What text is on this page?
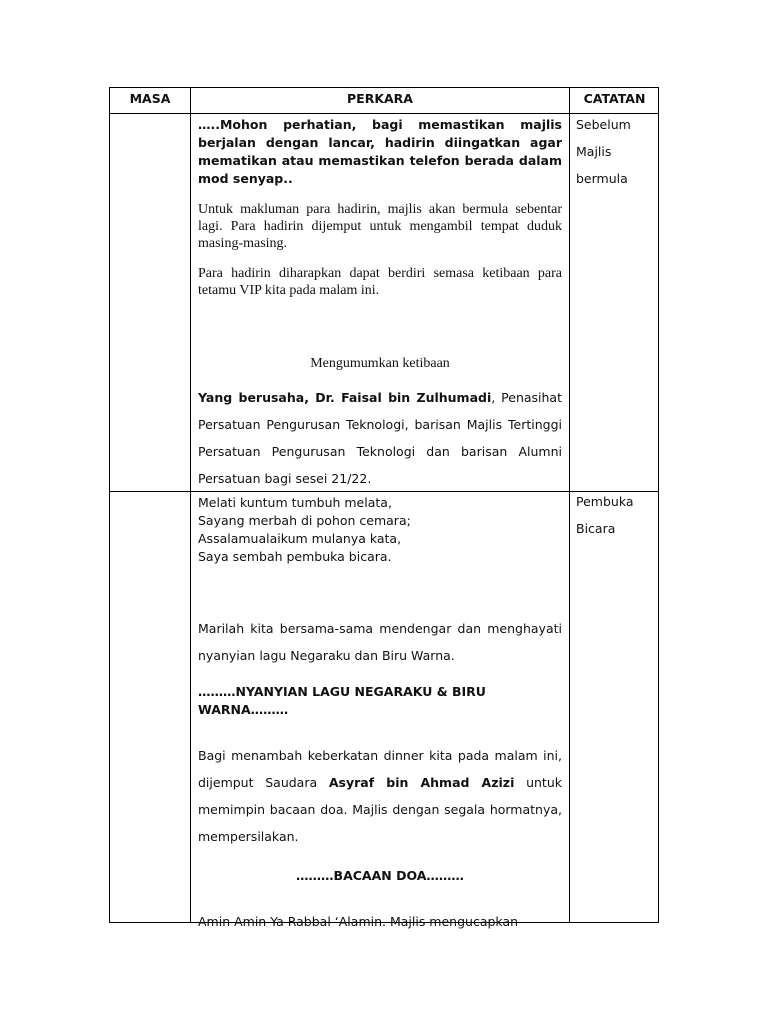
MASA	PERKARA	CATATAN

…..Mohon perhatian, bagi memastikan majlis berjalan dengan lancar, hadirin diingatkan agar mematikan atau memastikan telefon berada dalam mod senyap..

Untuk makluman para hadirin, majlis akan bermula sebentar lagi. Para hadirin dijemput untuk mengambil tempat duduk masing-masing.

Para hadirin diharapkan dapat berdiri semasa ketibaan para tetamu VIP kita pada malam ini.

Mengumumkan ketibaan

Yang berusaha, Dr. Faisal bin Zulhumadi, Penasihat Persatuan Pengurusan Teknologi, barisan Majlis Tertinggi Persatuan Pengurusan Teknologi dan barisan Alumni Persatuan bagi sesei 21/22.

Sebelum
Majlis
bermula
Melati kuntum tumbuh melata,
Sayang merbah di pohon cemara;
Assalamualaikum mulanya kata,
Saya sembah pembuka bicara.

Marilah kita bersama-sama mendengar dan menghayati nyanyian lagu Negaraku dan Biru Warna.

………NYANYIAN LAGU NEGARAKU & BIRU WARNA………

Bagi menambah keberkatan dinner kita pada malam ini, dijemput Saudara Asyraf bin Ahmad Azizi untuk memimpin bacaan doa. Majlis dengan segala hormatnya, mempersilakan.

………BACAAN DOA………

Amin Amin Ya Rabbal ‘Alamin. Majlis mengucapkan

Pembuka
Bicara
